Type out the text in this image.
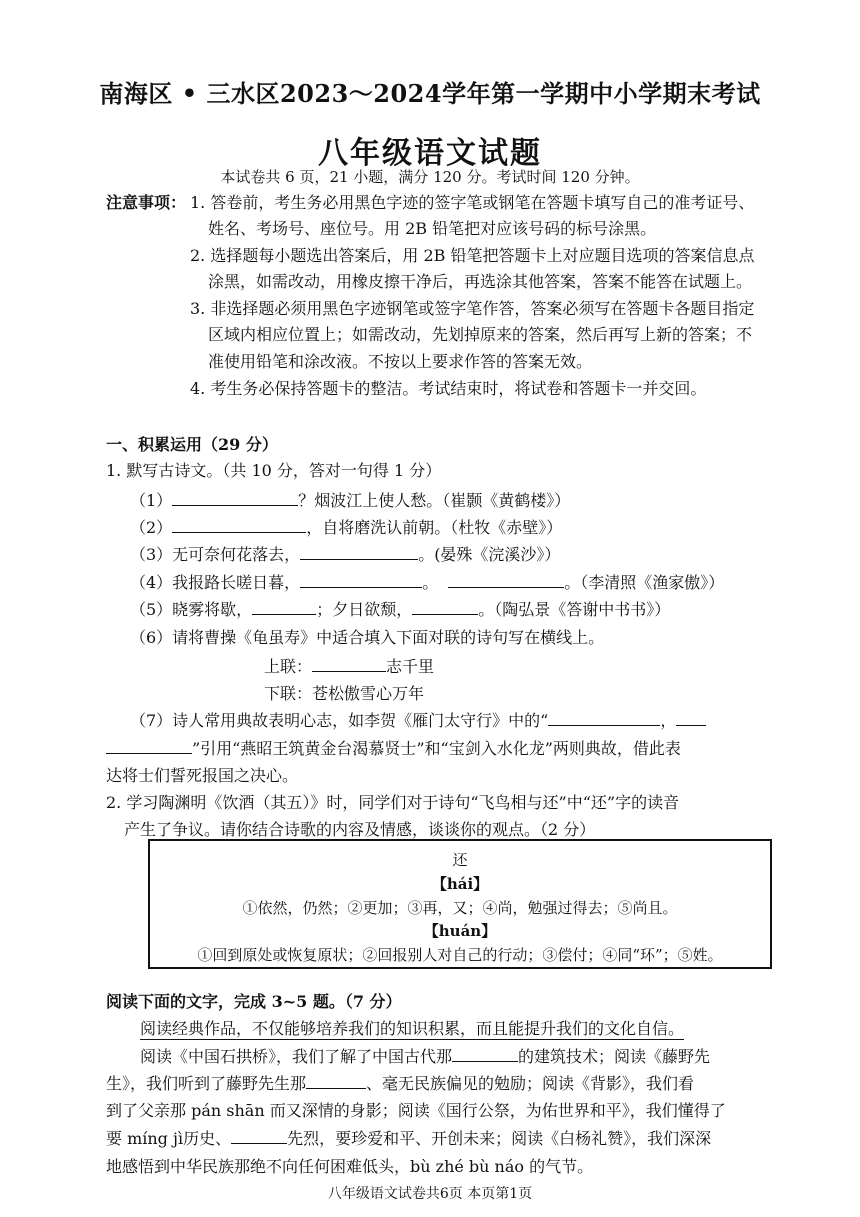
南海区 • 三水区2023～2024学年第一学期中小学期末考试
八年级语文试题
本试卷共 6 页，21 小题，满分 120 分。考试时间 120 分钟。
注意事项： 1. 答卷前，考生务必用黑色字迹的签字笔或钢笔在答题卡填写自己的准考证号、
姓名、考场号、座位号。用 2B 铅笔把对应该号码的标号涂黑。
2. 选择题每小题选出答案后，用 2B 铅笔把答题卡上对应题目选项的答案信息点
涂黑，如需改动，用橡皮擦干净后，再选涂其他答案，答案不能答在试题上。
3. 非选择题必须用黑色字迹钢笔或签字笔作答，答案必须写在答题卡各题目指定
区域内相应位置上；如需改动，先划掉原来的答案，然后再写上新的答案；不
准使用铅笔和涂改液。不按以上要求作答的答案无效。
4. 考生务必保持答题卡的整洁。考试结束时，将试卷和答题卡一并交回。
一、积累运用（29 分）
1. 默写古诗文。（共 10 分，答对一句得 1 分）
（1）	？烟波江上使人愁。（崔颢《黄鹤楼》）
（2）	，自将磨洗认前朝。（杜牧《赤壁》）
（3）无可奈何花落去，	。(晏殊《浣溪沙》）
（4）我报路长嗟日暮，	。	。（李清照《渔家傲》）
（5）晓雾将歇，	；夕日欲颓，	。（陶弘景《答谢中书书》）
（6）请将曹操《龟虽寿》中适合填入下面对联的诗句写在横线上。
上联：	志千里
下联：苍松傲雪心万年
（7）诗人常用典故表明心志，如李贺《雁门太守行》中的“	，
”引用“燕昭王筑黄金台渴慕贤士”和“宝剑入水化龙”两则典故，借此表
达将士们誓死报国之决心。
2. 学习陶渊明《饮酒（其五）》时，同学们对于诗句“飞鸟相与还”中“还”字的读音
产生了争议。请你结合诗歌的内容及情感，谈谈你的观点。（2 分）
还
【hái】
①依然，仍然；②更加；③再，又；④尚，勉强过得去；⑤尚且。
【huán】
①回到原处或恢复原状；②回报别人对自己的行动；③偿付；④同“环”；⑤姓。
阅读下面的文字，完成 3~5 题。（7 分）
阅读经典作品，不仅能够培养我们的知识积累，而且能提升我们的文化自信。
阅读《中国石拱桥》，我们了解了中国古代那	的建筑技术；阅读《藤野先
生》，我们听到了藤野先生那	、毫无民族偏见的勉励；阅读《背影》，我们看
到了父亲那 pán shān 而又深情的身影；阅读《国行公祭，为佑世界和平》，我们懂得了
要 míng jì历史、	先烈，要珍爱和平、开创未来；阅读《白杨礼赞》，我们深深
地感悟到中华民族那绝不向任何困难低头，bù zhé bù náo 的气节。
八年级语文试卷共6页 本页第1页
